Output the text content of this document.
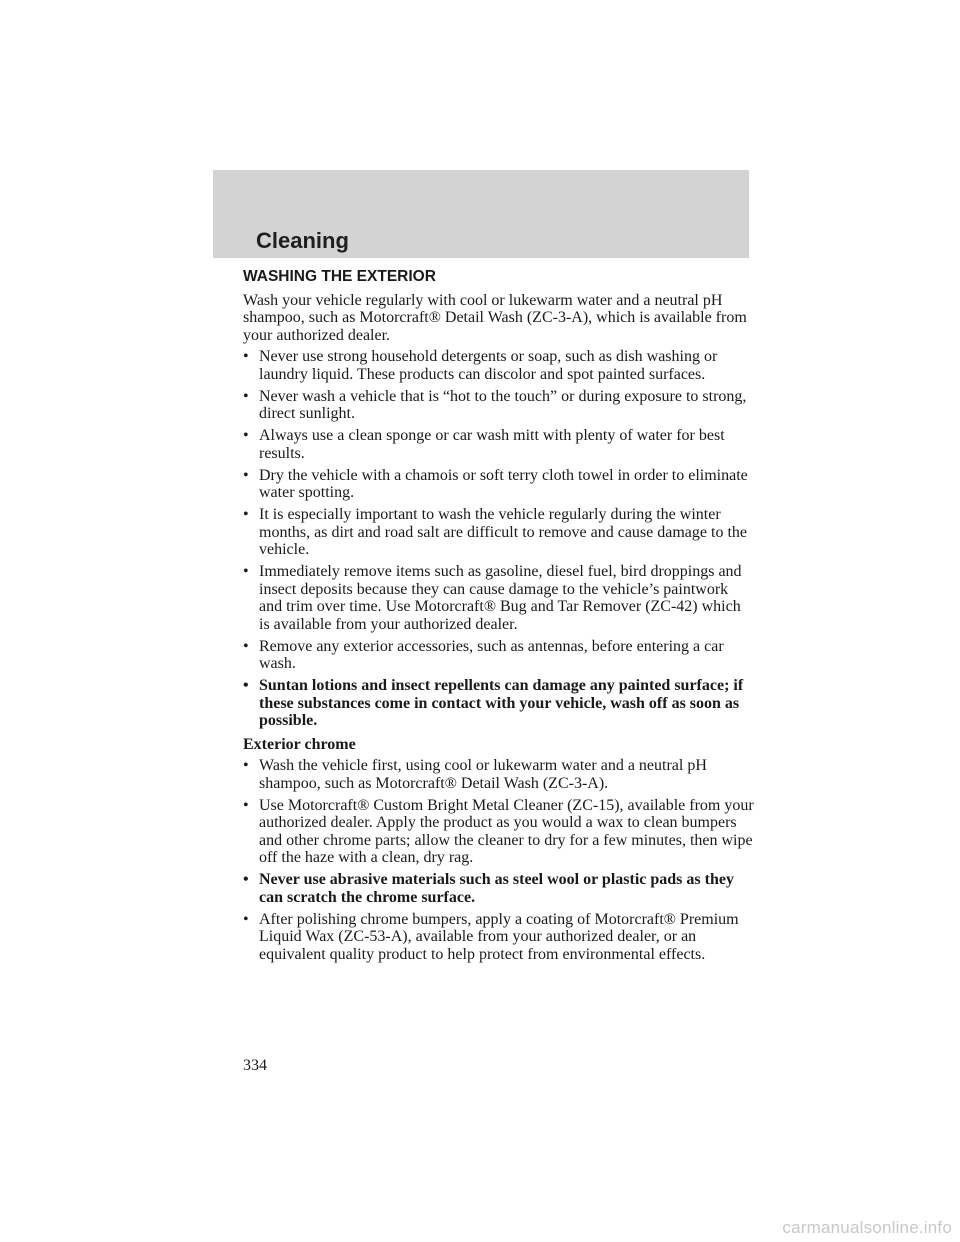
Cleaning
WASHING THE EXTERIOR
Wash your vehicle regularly with cool or lukewarm water and a neutral pH shampoo, such as Motorcraft® Detail Wash (ZC-3-A), which is available from your authorized dealer.
• Never use strong household detergents or soap, such as dish washing or laundry liquid. These products can discolor and spot painted surfaces.
• Never wash a vehicle that is “hot to the touch” or during exposure to strong, direct sunlight.
• Always use a clean sponge or car wash mitt with plenty of water for best results.
• Dry the vehicle with a chamois or soft terry cloth towel in order to eliminate water spotting.
• It is especially important to wash the vehicle regularly during the winter months, as dirt and road salt are difficult to remove and cause damage to the vehicle.
• Immediately remove items such as gasoline, diesel fuel, bird droppings and insect deposits because they can cause damage to the vehicle’s paintwork and trim over time. Use Motorcraft® Bug and Tar Remover (ZC-42) which is available from your authorized dealer.
• Remove any exterior accessories, such as antennas, before entering a car wash.
• Suntan lotions and insect repellents can damage any painted surface; if these substances come in contact with your vehicle, wash off as soon as possible.
Exterior chrome
• Wash the vehicle first, using cool or lukewarm water and a neutral pH shampoo, such as Motorcraft® Detail Wash (ZC-3-A).
• Use Motorcraft® Custom Bright Metal Cleaner (ZC-15), available from your authorized dealer. Apply the product as you would a wax to clean bumpers and other chrome parts; allow the cleaner to dry for a few minutes, then wipe off the haze with a clean, dry rag.
• Never use abrasive materials such as steel wool or plastic pads as they can scratch the chrome surface.
• After polishing chrome bumpers, apply a coating of Motorcraft® Premium Liquid Wax (ZC-53-A), available from your authorized dealer, or an equivalent quality product to help protect from environmental effects.
334
carmanualsonline.info
